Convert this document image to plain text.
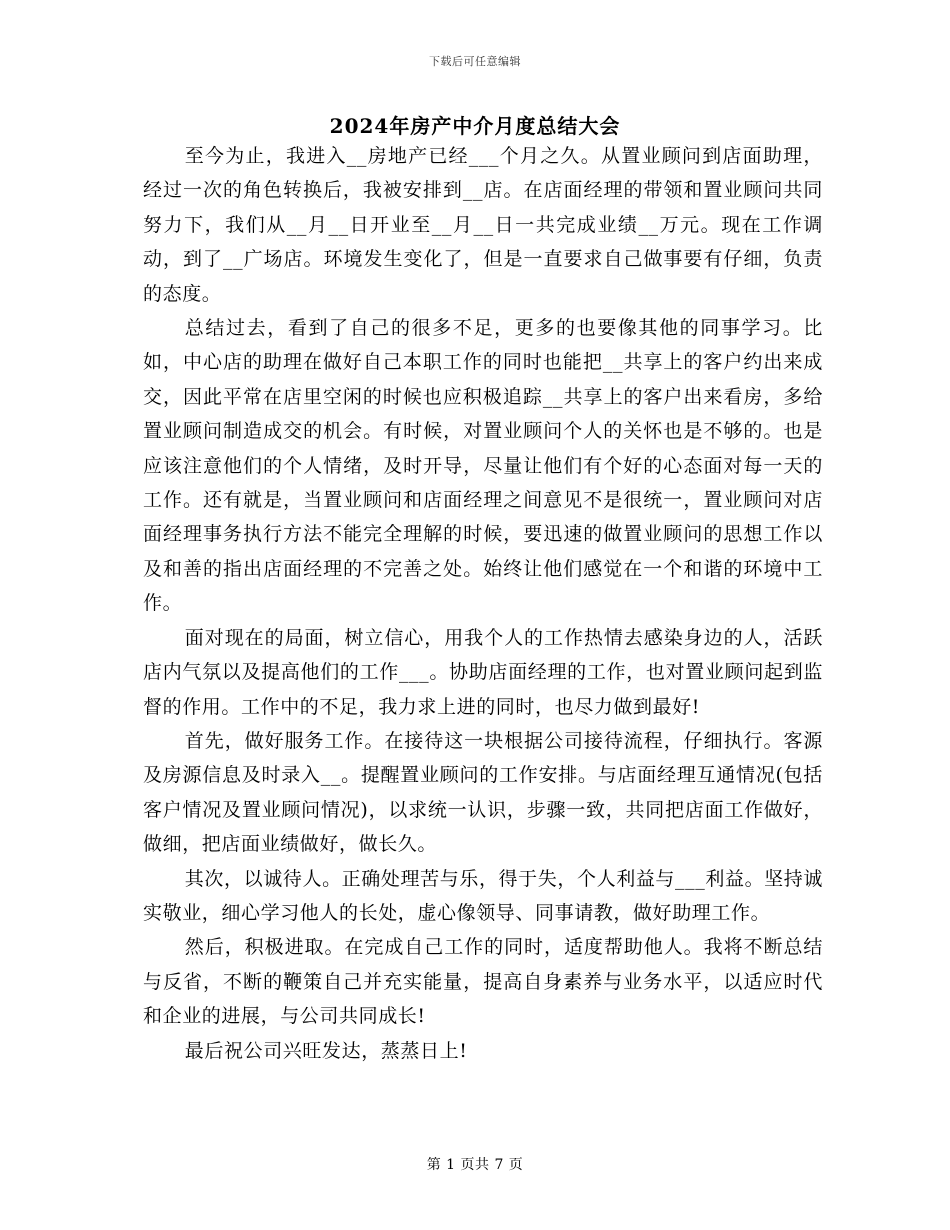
下载后可任意编辑
2024年房产中介月度总结大会

至今为止，我进入__房地产已经___个月之久。从置业顾问到店面助理，经过一次的角色转换后，我被安排到__店。在店面经理的带领和置业顾问共同努力下，我们从__月__日开业至__月__日一共完成业绩__万元。现在工作调动，到了__广场店。环境发生变化了，但是一直要求自己做事要有仔细，负责的态度。

总结过去，看到了自己的很多不足，更多的也要像其他的同事学习。比如，中心店的助理在做好自己本职工作的同时也能把__共享上的客户约出来成交，因此平常在店里空闲的时候也应积极追踪__共享上的客户出来看房，多给置业顾问制造成交的机会。有时候，对置业顾问个人的关怀也是不够的。也是应该注意他们的个人情绪，及时开导，尽量让他们有个好的心态面对每一天的工作。还有就是，当置业顾问和店面经理之间意见不是很统一，置业顾问对店面经理事务执行方法不能完全理解的时候，要迅速的做置业顾问的思想工作以及和善的指出店面经理的不完善之处。始终让他们感觉在一个和谐的环境中工作。

面对现在的局面，树立信心，用我个人的工作热情去感染身边的人，活跃店内气氛以及提高他们的工作___。协助店面经理的工作，也对置业顾问起到监督的作用。工作中的不足，我力求上进的同时，也尽力做到最好!

首先，做好服务工作。在接待这一块根据公司接待流程，仔细执行。客源及房源信息及时录入__。提醒置业顾问的工作安排。与店面经理互通情况(包括客户情况及置业顾问情况)，以求统一认识，步骤一致，共同把店面工作做好，做细，把店面业绩做好，做长久。

其次，以诚待人。正确处理苦与乐，得于失，个人利益与___利益。坚持诚实敬业，细心学习他人的长处，虚心像领导、同事请教，做好助理工作。

然后，积极进取。在完成自己工作的同时，适度帮助他人。我将不断总结与反省，不断的鞭策自己并充实能量，提高自身素养与业务水平，以适应时代和企业的进展，与公司共同成长!

最后祝公司兴旺发达，蒸蒸日上!

第 1 页共 7 页
